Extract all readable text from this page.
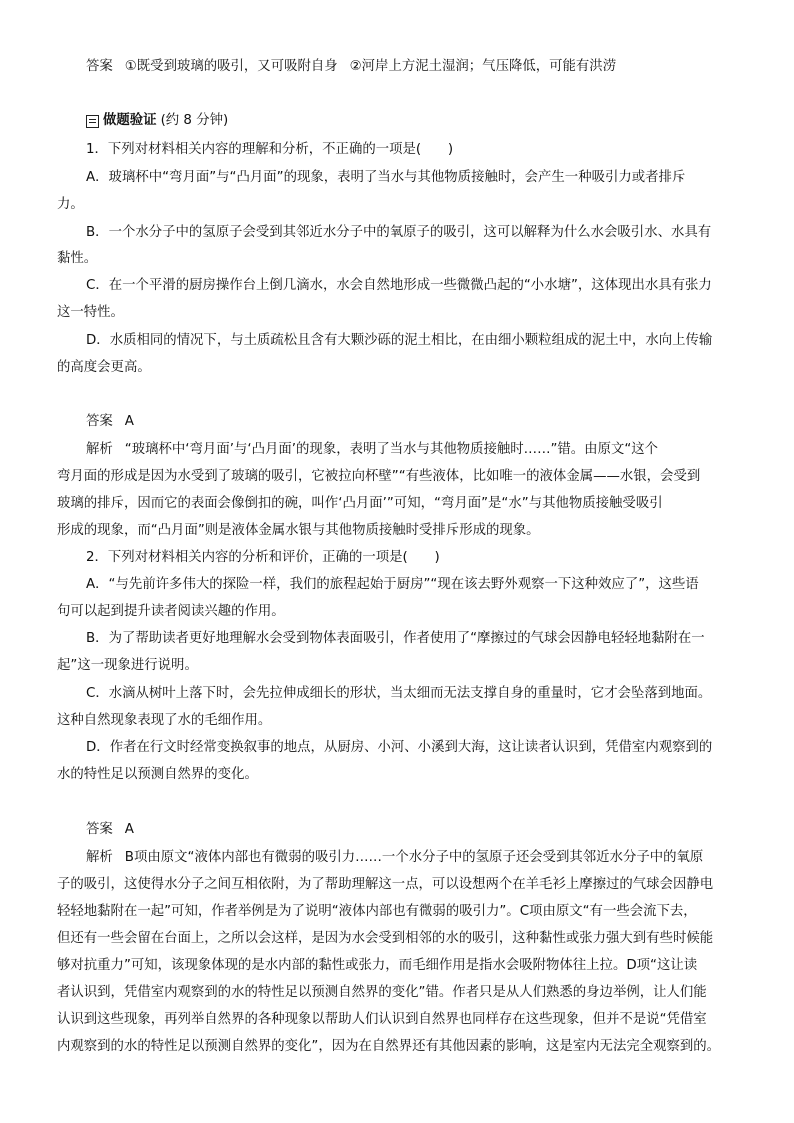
答案 ①既受到玻璃的吸引，又可吸附自身 ②河岸上方泥土湿润；气压降低，可能有洪涝
做题验证 (约 8 分钟)
1．下列对材料相关内容的理解和分析，不正确的一项是(　　)
A．玻璃杯中“弯月面”与“凸月面”的现象，表明了当水与其他物质接触时，会产生一种吸引力或者排斥
力。
B．一个水分子中的氢原子会受到其邻近水分子中的氧原子的吸引，这可以解释为什么水会吸引水、水具有
黏性。
C．在一个平滑的厨房操作台上倒几滴水，水会自然地形成一些微微凸起的“小水塘”，这体现出水具有张力
这一特性。
D．水质相同的情况下，与土质疏松且含有大颗沙砾的泥土相比，在由细小颗粒组成的泥土中，水向上传输
的高度会更高。
答案 A
解析 “玻璃杯中‘弯月面’与‘凸月面’的现象，表明了当水与其他物质接触时……”错。由原文“这个
弯月面的形成是因为水受到了玻璃的吸引，它被拉向杯壁”“有些液体，比如唯一的液体金属——水银，会受到
玻璃的排斥，因而它的表面会像倒扣的碗，叫作‘凸月面’”可知，“弯月面”是“水”与其他物质接触受吸引
形成的现象，而“凸月面”则是液体金属水银与其他物质接触时受排斥形成的现象。
2．下列对材料相关内容的分析和评价，正确的一项是(　　)
A．“与先前许多伟大的探险一样，我们的旅程起始于厨房”“现在该去野外观察一下这种效应了”，这些语
句可以起到提升读者阅读兴趣的作用。
B．为了帮助读者更好地理解水会受到物体表面吸引，作者使用了“摩擦过的气球会因静电轻轻地黏附在一
起”这一现象进行说明。
C．水滴从树叶上落下时，会先拉伸成细长的形状，当太细而无法支撑自身的重量时，它才会坠落到地面。
这种自然现象表现了水的毛细作用。
D．作者在行文时经常变换叙事的地点，从厨房、小河、小溪到大海，这让读者认识到，凭借室内观察到的
水的特性足以预测自然界的变化。
答案 A
解析 B项由原文“液体内部也有微弱的吸引力……一个水分子中的氢原子还会受到其邻近水分子中的氧原
子的吸引，这使得水分子之间互相依附，为了帮助理解这一点，可以设想两个在羊毛衫上摩擦过的气球会因静电
轻轻地黏附在一起”可知，作者举例是为了说明“液体内部也有微弱的吸引力”。C项由原文“有一些会流下去，
但还有一些会留在台面上，之所以会这样，是因为水会受到相邻的水的吸引，这种黏性或张力强大到有些时候能
够对抗重力”可知，该现象体现的是水内部的黏性或张力，而毛细作用是指水会吸附物体往上拉。D项“这让读
者认识到，凭借室内观察到的水的特性足以预测自然界的变化”错。作者只是从人们熟悉的身边举例，让人们能
认识到这些现象，再列举自然界的各种现象以帮助人们认识到自然界也同样存在这些现象，但并不是说“凭借室
内观察到的水的特性足以预测自然界的变化”，因为在自然界还有其他因素的影响，这是室内无法完全观察到的。
